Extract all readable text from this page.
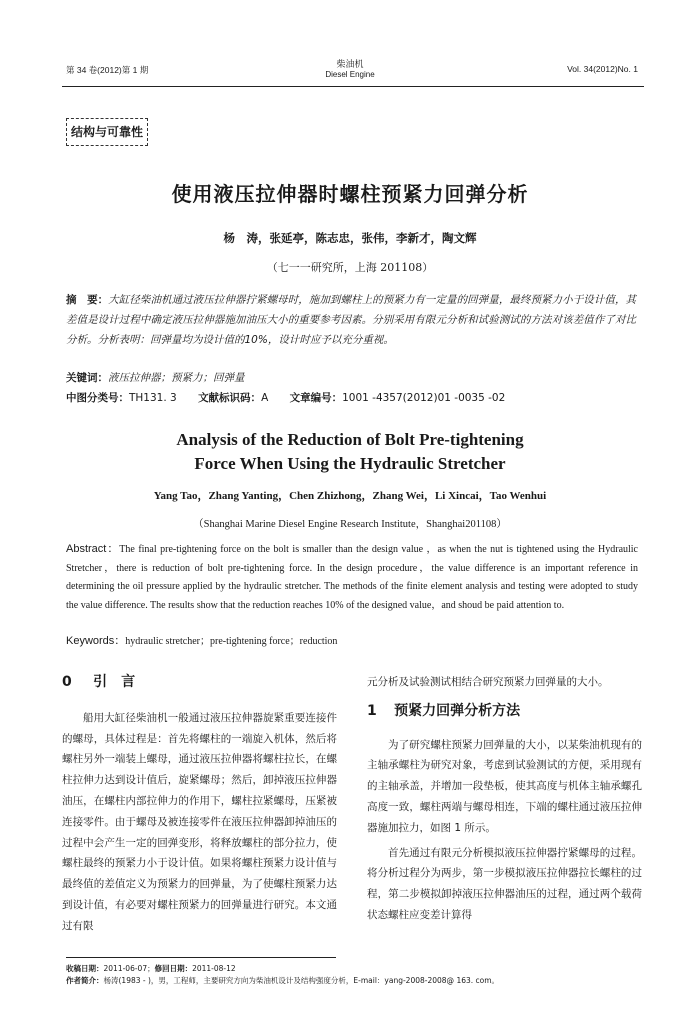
第 34 卷(2012)第 1 期
柴油机
Diesel Engine
Vol. 34(2012)No. 1
结构与可靠性
使用液压拉伸器时螺柱预紧力回弹分析
杨　涛，张延亭，陈志忠，张伟，李新才，陶文辉
（七一一研究所，上海 201108）
摘　要：大缸径柴油机通过液压拉伸器拧紧螺母时，施加到螺柱上的预紧力有一定量的回弹量，最终预紧力小于设计值，其差值是设计过程中确定液压拉伸器施加油压大小的重要参考因素。分别采用有限元分析和试验测试的方法对该差值作了对比分析。分析表明：回弹量均为设计值的10%，设计时应予以充分重视。
关键词：液压拉伸器；预紧力；回弹量
中图分类号：TH131. 3 文献标识码：A 文章编号：1001 -4357(2012)01 -0035 -02
Analysis of the Reduction of Bolt Pre-tightening
Force When Using the Hydraulic Stretcher
Yang Tao，Zhang Yanting，Chen Zhizhong，Zhang Wei，Li Xincai，Tao Wenhui
（Shanghai Marine Diesel Engine Research Institute，Shanghai201108）
Abstract：The final pre-tightening force on the bolt is smaller than the design value ，as when the nut is tightened using the Hydraulic Stretcher，there is reduction of bolt pre-tightening force. In the design procedure，the value difference is an important reference in determining the oil pressure applied by the hydraulic stretcher. The methods of the finite element analysis and testing were adopted to study the value difference. The results show that the reduction reaches 10% of the designed value，and shoud be paid attention to.
Keywords：hydraulic stretcher；pre-tightening force；reduction
0 引　言

船用大缸径柴油机一般通过液压拉伸器旋紧重要连接件的螺母，具体过程是：首先将螺柱的一端旋入机体，然后将螺柱另外一端装上螺母，通过液压拉伸器将螺柱拉长，在螺柱拉伸力达到设计值后，旋紧螺母；然后，卸掉液压拉伸器油压，在螺柱内部拉伸力的作用下，螺柱拉紧螺母，压紧被连接零件。由于螺母及被连接零件在液压拉伸器卸掉油压的过程中会产生一定的回弹变形，将释放螺柱的部分拉力，使螺柱最终的预紧力小于设计值。如果将螺柱预紧力设计值与最终值的差值定义为预紧力的回弹量，为了使螺柱预紧力达到设计值，有必要对螺柱预紧力的回弹量进行研究。本文通过有限

元分析及试验测试相结合研究预紧力回弹量的大小。

1 预紧力回弹分析方法

为了研究螺柱预紧力回弹量的大小，以某柴油机现有的主轴承螺柱为研究对象，考虑到试验测试的方便，采用现有的主轴承盖，并增加一段垫板，使其高度与机体主轴承螺孔高度一致，螺柱两端与螺母相连，下端的螺柱通过液压拉伸器施加拉力，如图 1 所示。

首先通过有限元分析模拟液压拉伸器拧紧螺母的过程。将分析过程分为两步，第一步模拟液压拉伸器拉长螺柱的过程，第二步模拟卸掉液压拉伸器油压的过程，通过两个载荷状态螺柱应变差计算得

收稿日期：2011-06-07；修回日期：2011-08-12
作者简介：杨涛(1983 - )，男，工程师，主要研究方向为柴油机设计及结构强度分析，E-mail：yang-2008-2008@ 163. com。
